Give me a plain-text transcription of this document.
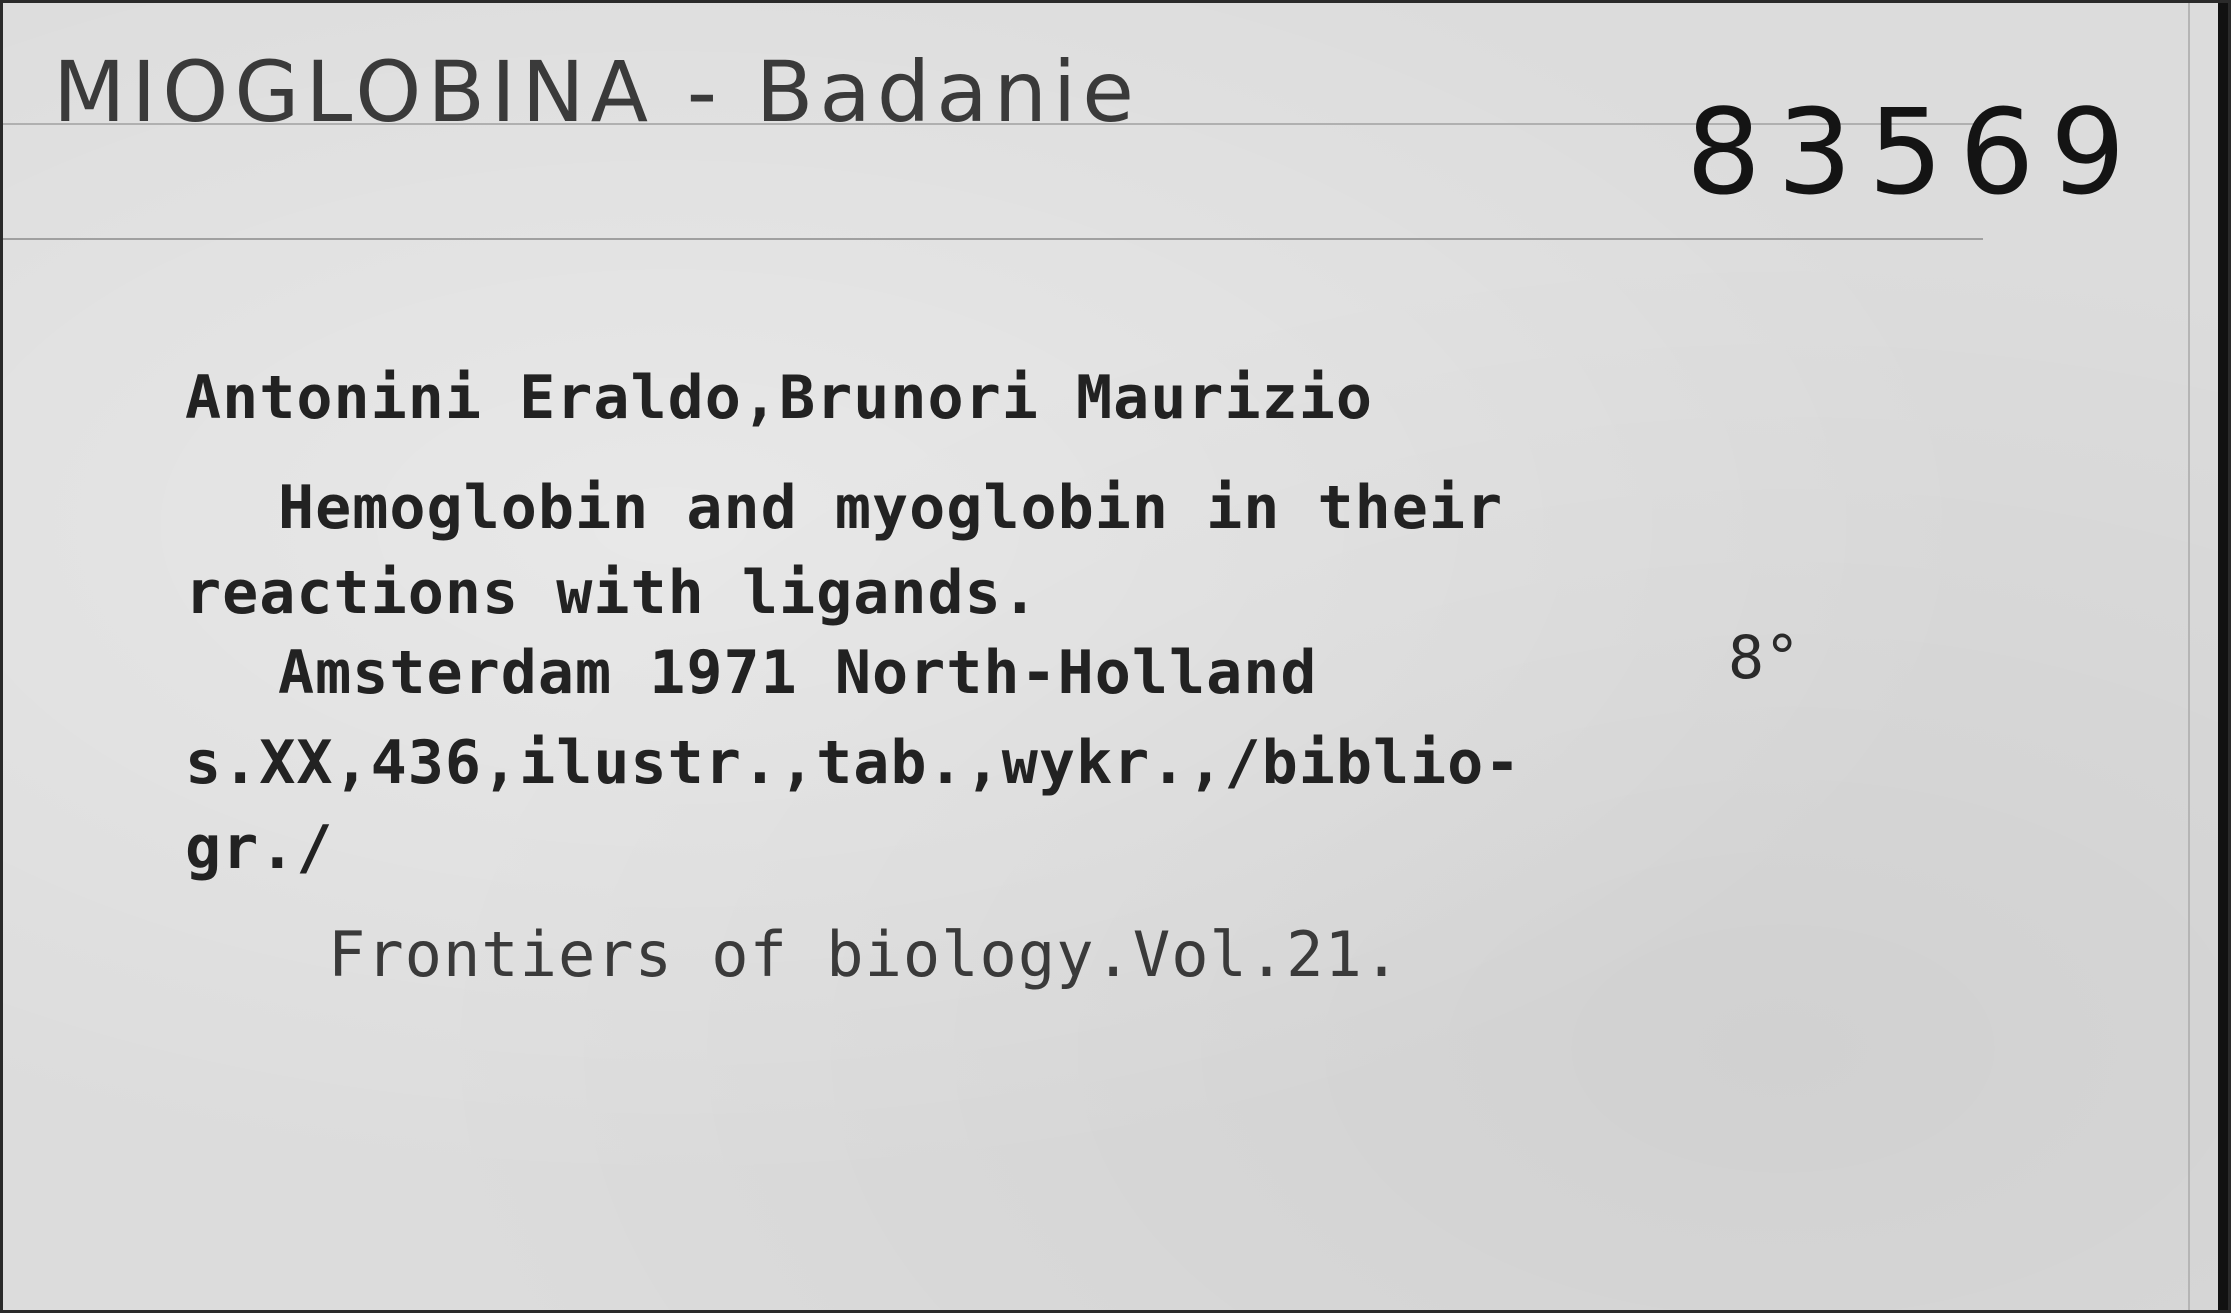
MIOGLOBINA - Badanie	83569
Antonini Eraldo,Brunori Maurizio
Hemoglobin and myoglobin in their
reactions with ligands.
Amsterdam 1971 North-Holland	8°
s.XX,436,ilustr.,tab.,wykr.,/biblio-
gr./
Frontiers of biology.Vol.21.
